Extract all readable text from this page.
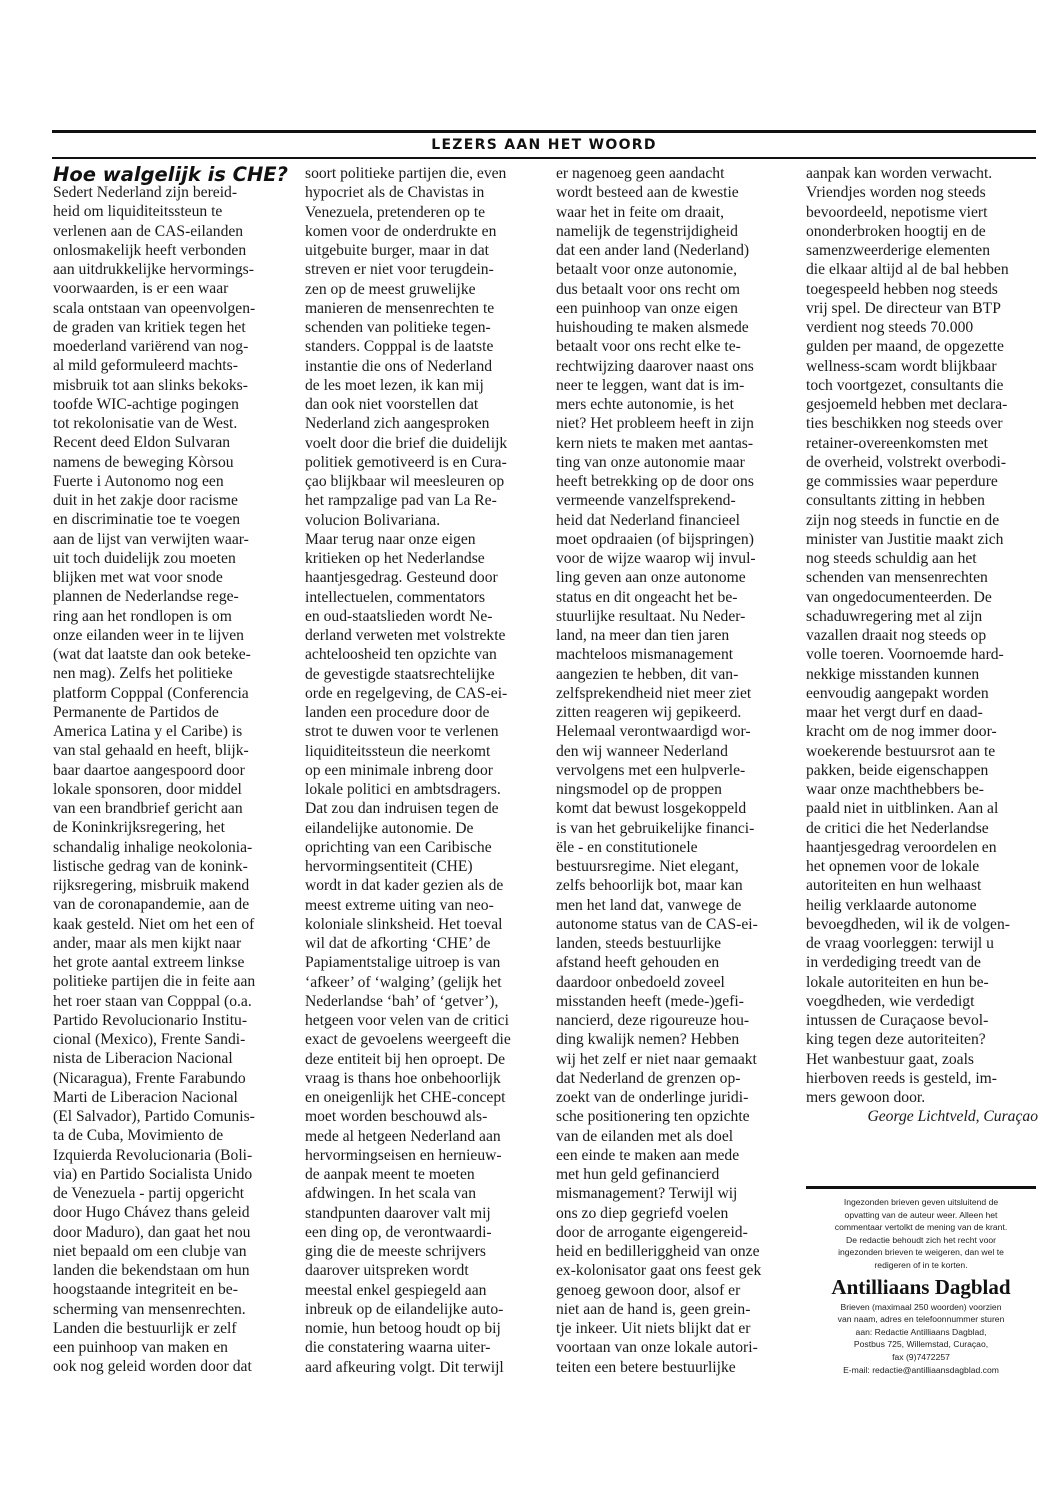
LEZERS AAN HET WOORD
Hoe walgelijk is CHE?
Sedert Nederland zijn bereid-
heid om liquiditeitssteun te
verlenen aan de CAS-eilanden
onlosmakelijk heeft verbonden
aan uitdrukkelijke hervormings-
voorwaarden, is er een waar
scala ontstaan van opeenvolgen-
de graden van kritiek tegen het
moederland variërend van nog-
al mild geformuleerd machts-
misbruik tot aan slinks bekoks-
toofde WIC-achtige pogingen
tot rekolonisatie van de West.
Recent deed Eldon Sulvaran
namens de beweging Kòrsou
Fuerte i Autonomo nog een
duit in het zakje door racisme
en discriminatie toe te voegen
aan de lijst van verwijten waar-
uit toch duidelijk zou moeten
blijken met wat voor snode
plannen de Nederlandse rege-
ring aan het rondlopen is om
onze eilanden weer in te lijven
(wat dat laatste dan ook beteke-
nen mag). Zelfs het politieke
platform Copppal (Conferencia
Permanente de Partidos de
America Latina y el Caribe) is
van stal gehaald en heeft, blijk-
baar daartoe aangespoord door
lokale sponsoren, door middel
van een brandbrief gericht aan
de Koninkrijksregering, het
schandalig inhalige neokolonia-
listische gedrag van de konink-
rijksregering, misbruik makend
van de coronapandemie, aan de
kaak gesteld. Niet om het een of
ander, maar als men kijkt naar
het grote aantal extreem linkse
politieke partijen die in feite aan
het roer staan van Copppal (o.a.
Partido Revolucionario Institu-
cional (Mexico), Frente Sandi-
nista de Liberacion Nacional
(Nicaragua), Frente Farabundo
Marti de Liberacion Nacional
(El Salvador), Partido Comunis-
ta de Cuba, Movimiento de
Izquierda Revolucionaria (Boli-
via) en Partido Socialista Unido
de Venezuela - partij opgericht
door Hugo Chávez thans geleid
door Maduro), dan gaat het nou
niet bepaald om een clubje van
landen die bekendstaan om hun
hoogstaande integriteit en be-
scherming van mensenrechten.
Landen die bestuurlijk er zelf
een puinhoop van maken en
ook nog geleid worden door dat
soort politieke partijen die, even
hypocriet als de Chavistas in
Venezuela, pretenderen op te
komen voor de onderdrukte en
uitgebuite burger, maar in dat
streven er niet voor terugdein-
zen op de meest gruwelijke
manieren de mensenrechten te
schenden van politieke tegen-
standers. Copppal is de laatste
instantie die ons of Nederland
de les moet lezen, ik kan mij
dan ook niet voorstellen dat
Nederland zich aangesproken
voelt door die brief die duidelijk
politiek gemotiveerd is en Cura-
çao blijkbaar wil meesleuren op
het rampzalige pad van La Re-
volucion Bolivariana.
Maar terug naar onze eigen
kritieken op het Nederlandse
haantjesgedrag. Gesteund door
intellectuelen, commentators
en oud-staatslieden wordt Ne-
derland verweten met volstrekte
achteloosheid ten opzichte van
de gevestigde staatsrechtelijke
orde en regelgeving, de CAS-ei-
landen een procedure door de
strot te duwen voor te verlenen
liquiditeitssteun die neerkomt
op een minimale inbreng door
lokale politici en ambtsdragers.
Dat zou dan indruisen tegen de
eilandelijke autonomie. De
oprichting van een Caribische
hervormingsentiteit (CHE)
wordt in dat kader gezien als de
meest extreme uiting van neo-
koloniale slinksheid. Het toeval
wil dat de afkorting ‘CHE’ de
Papiamentstalige uitroep is van
‘afkeer’ of ‘walging’ (gelijk het
Nederlandse ‘bah’ of ‘getver’),
hetgeen voor velen van de critici
exact de gevoelens weergeeft die
deze entiteit bij hen oproept. De
vraag is thans hoe onbehoorlijk
en oneigenlijk het CHE-concept
moet worden beschouwd als-
mede al hetgeen Nederland aan
hervormingseisen en hernieuw-
de aanpak meent te moeten
afdwingen. In het scala van
standpunten daarover valt mij
een ding op, de verontwaardi-
ging die de meeste schrijvers
daarover uitspreken wordt
meestal enkel gespiegeld aan
inbreuk op de eilandelijke auto-
nomie, hun betoog houdt op bij
die constatering waarna uiter-
aard afkeuring volgt. Dit terwijl
er nagenoeg geen aandacht
wordt besteed aan de kwestie
waar het in feite om draait,
namelijk de tegenstrijdigheid
dat een ander land (Nederland)
betaalt voor onze autonomie,
dus betaalt voor ons recht om
een puinhoop van onze eigen
huishouding te maken alsmede
betaalt voor ons recht elke te-
rechtwijzing daarover naast ons
neer te leggen, want dat is im-
mers echte autonomie, is het
niet? Het probleem heeft in zijn
kern niets te maken met aantas-
ting van onze autonomie maar
heeft betrekking op de door ons
vermeende vanzelfsprekend-
heid dat Nederland financieel
moet opdraaien (of bijspringen)
voor de wijze waarop wij invul-
ling geven aan onze autonome
status en dit ongeacht het be-
stuurlijke resultaat. Nu Neder-
land, na meer dan tien jaren
machteloos mismanagement
aangezien te hebben, dit van-
zelfsprekendheid niet meer ziet
zitten reageren wij gepikeerd.
Helemaal verontwaardigd wor-
den wij wanneer Nederland
vervolgens met een hulpverle-
ningsmodel op de proppen
komt dat bewust losgekoppeld
is van het gebruikelijke financi-
ële - en constitutionele
bestuursregime. Niet elegant,
zelfs behoorlijk bot, maar kan
men het land dat, vanwege de
autonome status van de CAS-ei-
landen, steeds bestuurlijke
afstand heeft gehouden en
daardoor onbedoeld zoveel
misstanden heeft (mede-)gefi-
nancierd, deze rigoureuze hou-
ding kwalijk nemen? Hebben
wij het zelf er niet naar gemaakt
dat Nederland de grenzen op-
zoekt van de onderlinge juridi-
sche positionering ten opzichte
van de eilanden met als doel
een einde te maken aan mede
met hun geld gefinancierd
mismanagement? Terwijl wij
ons zo diep gegriefd voelen
door de arrogante eigengereid-
heid en bedilleriggheid van onze
ex-kolonisator gaat ons feest gek
genoeg gewoon door, alsof er
niet aan de hand is, geen grein-
tje inkeer. Uit niets blijkt dat er
voortaan van onze lokale autori-
teiten een betere bestuurlijke
aanpak kan worden verwacht.
Vriendjes worden nog steeds
bevoordeeld, nepotisme viert
ononderbroken hoogtij en de
samenzweerderige elementen
die elkaar altijd al de bal hebben
toegespeeld hebben nog steeds
vrij spel. De directeur van BTP
verdient nog steeds 70.000
gulden per maand, de opgezette
wellness-scam wordt blijkbaar
toch voortgezet, consultants die
gesjoemeld hebben met declara-
ties beschikken nog steeds over
retainer-overeenkomsten met
de overheid, volstrekt overbodi-
ge commissies waar peperdure
consultants zitting in hebben
zijn nog steeds in functie en de
minister van Justitie maakt zich
nog steeds schuldig aan het
schenden van mensenrechten
van ongedocumenteerden. De
schaduwregering met al zijn
vazallen draait nog steeds op
volle toeren. Voornoemde hard-
nekkige misstanden kunnen
eenvoudig aangepakt worden
maar het vergt durf en daad-
kracht om de nog immer door-
woekerende bestuursrot aan te
pakken, beide eigenschappen
waar onze machthebbers be-
paald niet in uitblinken. Aan al
de critici die het Nederlandse
haantjesgedrag veroordelen en
het opnemen voor de lokale
autoriteiten en hun welhaast
heilig verklaarde autonome
bevoegdheden, wil ik de volgen-
de vraag voorleggen: terwijl u
in verdediging treedt van de
lokale autoriteiten en hun be-
voegdheden, wie verdedigt
intussen de Curaçaose bevol-
king tegen deze autoriteiten?
Het wanbestuur gaat, zoals
hierboven reeds is gesteld, im-
mers gewoon door.
George Lichtveld, Curaçao
Ingezonden brieven geven uitsluitend de
opvatting van de auteur weer. Alleen het
commentaar vertolkt de mening van de krant.
De redactie behoudt zich het recht voor
ingezonden brieven te weigeren, dan wel te
redigeren of in te korten.
Antilliaans Dagblad
Brieven (maximaal 250 woorden) voorzien
van naam, adres en telefoonnummer sturen
aan: Redactie Antilliaans Dagblad,
Postbus 725, Willemstad, Curaçao,
fax (9)7472257
E-mail: redactie@antilliaansdagblad.com
